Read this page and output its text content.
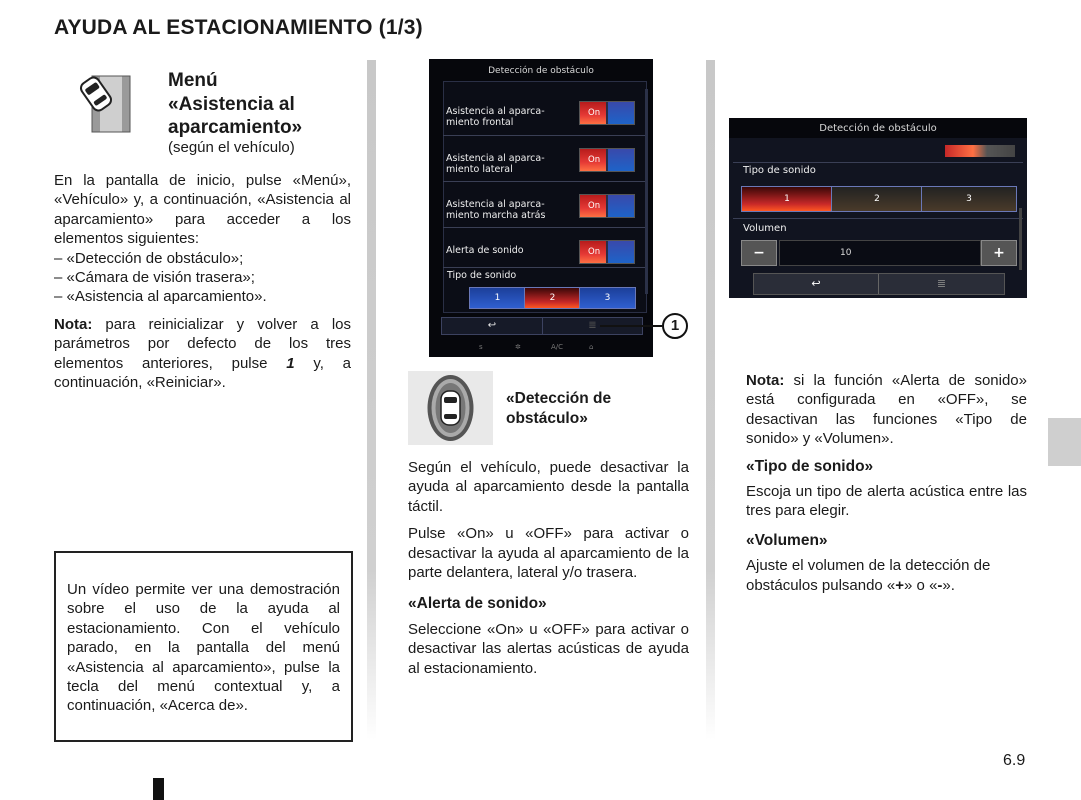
AYUDA AL ESTACIONAMIENTO (1/3)
Menú
«Asistencia al
aparcamiento»
(según el vehículo)

En la pantalla de inicio, pulse «Menú», «Vehículo» y, a continuación, «Asistencia al aparcamiento» para acceder a los elementos siguientes:

– «Detección de obstáculo»;
– «Cámara de visión trasera»;
– «Asistencia al aparcamiento».

Nota: para reinicializar y volver a los parámetros por defecto de los tres elementos anteriores, pulse 1 y, a continuación, «Reiniciar».

Un vídeo permite ver una demostración sobre el uso de la ayuda al estacionamiento. Con el vehículo parado, en la pantalla del menú «Asistencia al aparcamiento», pulse la tecla del menú contextual y, a continuación, «Acerca de».
Detección de obstáculo
Asistencia al aparca-
miento frontal
On
Asistencia al aparca-
miento lateral
On
Asistencia al aparca-
miento marcha atrás
On
Alerta de sonido	On
Tipo de sonido
1	2	3
↩	≣
ꜱ	✲	A/C	⌂
1
«Detección de obstáculo»

Según el vehículo, puede desactivar la ayuda al aparcamiento desde la pantalla táctil.

Pulse «On» u «OFF» para activar o desactivar la ayuda al aparcamiento de la parte delantera, lateral y/o trasera.

«Alerta de sonido»

Seleccione «On» u «OFF» para activar o desactivar las alertas acústicas de ayuda al estacionamiento.

Detección de obstáculo
Tipo de sonido
1	2	3
Volumen
−	10	+
↩	≣

Nota: si la función «Alerta de sonido» está configurada en «OFF», se desactivan las funciones «Tipo de sonido» y «Volumen».

«Tipo de sonido»

Escoja un tipo de alerta acústica entre las tres para elegir.

«Volumen»

Ajuste el volumen de la detección de obstáculos pulsando «+» o «-».

6.9
